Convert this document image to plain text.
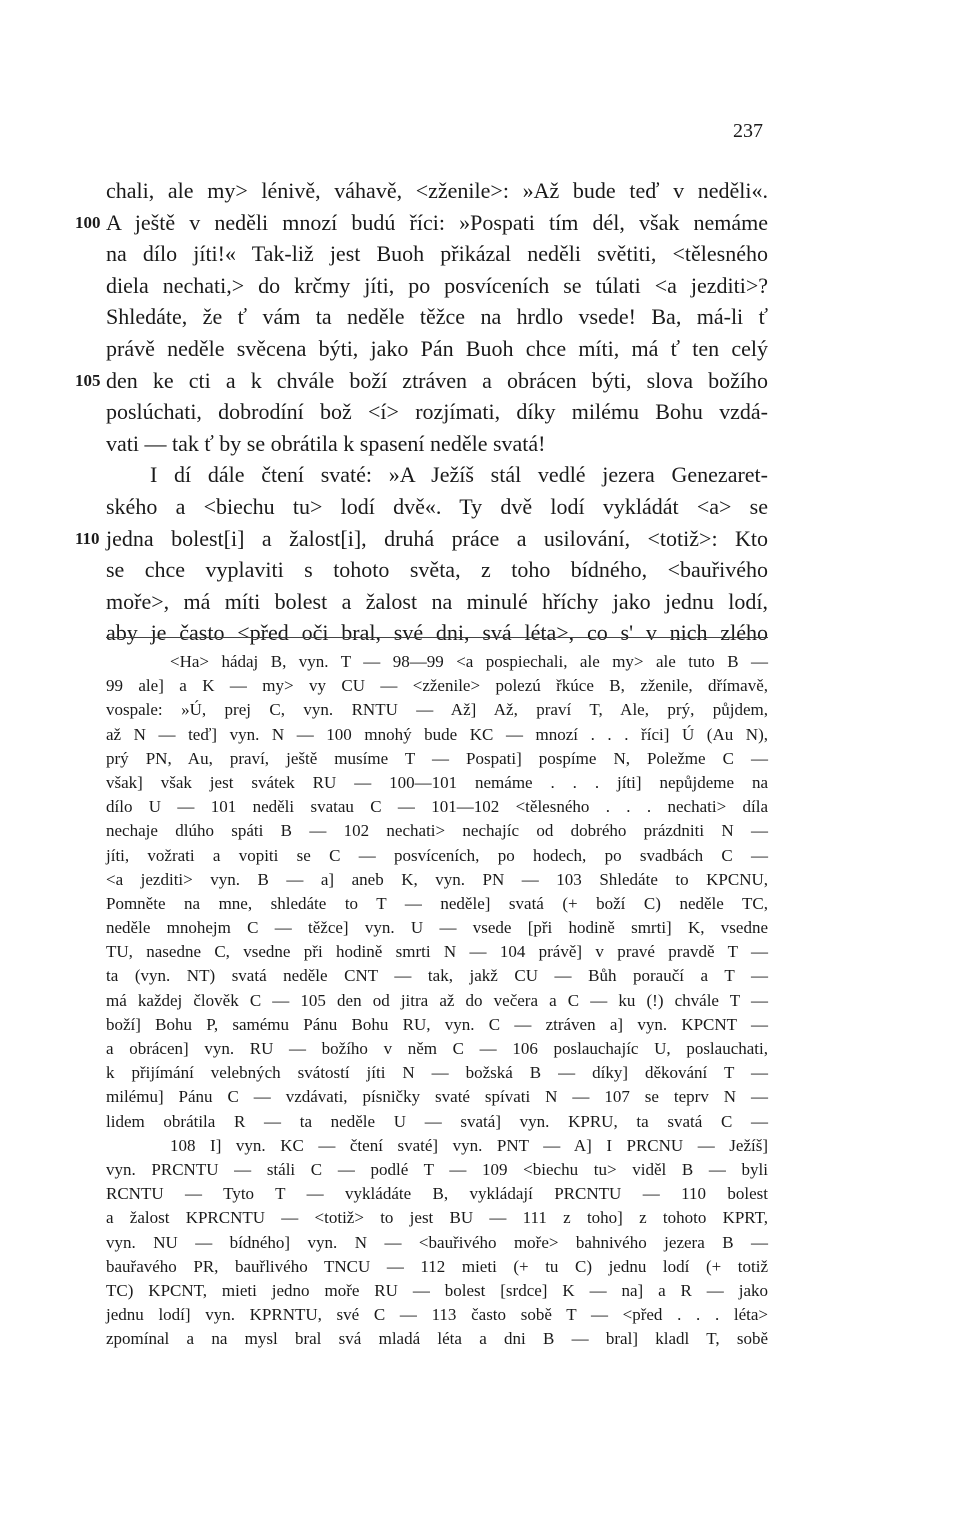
237
chali, ale my> lénivě, váhavě, <zženile>: »Až bude teď v neděli«.
100 A ještě v neděli mnozí budú říci: »Pospati tím dél, však nemáme
na dílo jíti!« Tak-liž jest Buoh přikázal neděli světiti, <tělesného
diela nechati,> do krčmy jíti, po posvíceních se túlati <a jezditi>?
Shledáte, že ť vám ta neděle těžce na hrdlo vsede! Ba, má-li ť
právě neděle svěcena býti, jako Pán Buoh chce míti, má ť ten celý
105 den ke cti a k chvále boží ztráven a obrácen býti, slova božího
poslúchati, dobrodíní bož <í> rozjímati, díky milému Bohu vzdá-
vati — tak ť by se obrátila k spasení neděle svatá!
I dí dále čtení svaté: »A Ježíš stál vedlé jezera Genezaret-
ského a <biechu tu> lodí dvě«. Ty dvě lodí vykládát <a> se
110 jedna bolest[i] a žalost[i], druhá práce a usilování, <totiž>: Kto
se chce vyplaviti s tohoto světa, z toho bídného, <bauřivého
moře>, má míti bolest a žalost na minulé hříchy jako jednu lodí,
aby je často <před oči bral, své dni, svá léta>, co s' v nich zlého
<Ha> hádaj B, vyn. T — 98—99 <a pospiechali, ale my> ale tuto B —
99 ale] a K — my> vy CU — <zženile> polezú řkúce B, zženile, dřímavě,
vospale: »Ú, prej C, vyn. RNTU — Až] Až, praví T, Ale, prý, půjdem,
až N — teď] vyn. N — 100 mnohý bude KC — mnozí . . . říci] Ú (Au N),
prý PN, Au, praví, ještě musíme T — Pospati] pospíme N, Poležme C —
však] však jest svátek RU — 100—101 nemáme . . . jíti] nepůjdeme na
dílo U — 101 neděli svatau C — 101—102 <tělesného . . . nechati> díla
nechaje dlúho spáti B — 102 nechati> nechajíc od dobrého prázdniti N —
jíti, vožrati a vopiti se C — posvíceních, po hodech, po svadbách C —
<a jezditi> vyn. B — a] aneb K, vyn. PN — 103 Shledáte to KPCNU,
Pomněte na mne, shledáte to T — neděle] svatá (+ boží C) neděle TC,
neděle mnohejm C — těžce] vyn. U — vsede [při hodině smrti] K, vsedne
TU, nasedne C, vsedne při hodině smrti N — 104 právě] v pravé pravdě T —
ta (vyn. NT) svatá neděle CNT — tak, jakž CU — Bůh poraučí a T —
má každej člověk C — 105 den od jitra až do večera a C — ku (!) chvále T —
boží] Bohu P, samému Pánu Bohu RU, vyn. C — ztráven a] vyn. KPCNT —
a obrácen] vyn. RU — božího v něm C — 106 poslauchajíc U, poslauchati,
k přijímání velebných svátostí jíti N — božská B — díky] děkování T —
milému] Pánu C — vzdávati, písničky svaté spívati N — 107 se teprv N —
lidem obrátila R — ta neděle U — svatá] vyn. KPRU, ta svatá C —
108 I] vyn. KC — čtení svaté] vyn. PNT — A] I PRCNU — Ježíš]
vyn. PRCNTU — stáli C — podlé T — 109 <biechu tu> viděl B — byli
RCNTU — Tyto T — vykládáte B, vykládají PRCNTU — 110 bolest
a žalost KPRCNTU — <totiž> to jest BU — 111 z toho] z tohoto KPRT,
vyn. NU — bídného] vyn. N — <bauřivého moře> bahnivého jezera B —
bauřavého PR, bauřlivého TNCU — 112 mieti (+ tu C) jednu lodí (+ totiž
TC) KPCNT, mieti jedno moře RU — bolest [srdce] K — na] a R — jako
jednu lodí] vyn. KPRNTU, své C — 113 často sobě T — <před . . . léta>
zpomínal a na mysl bral svá mladá léta a dni B — bral] kladl T, sobě
